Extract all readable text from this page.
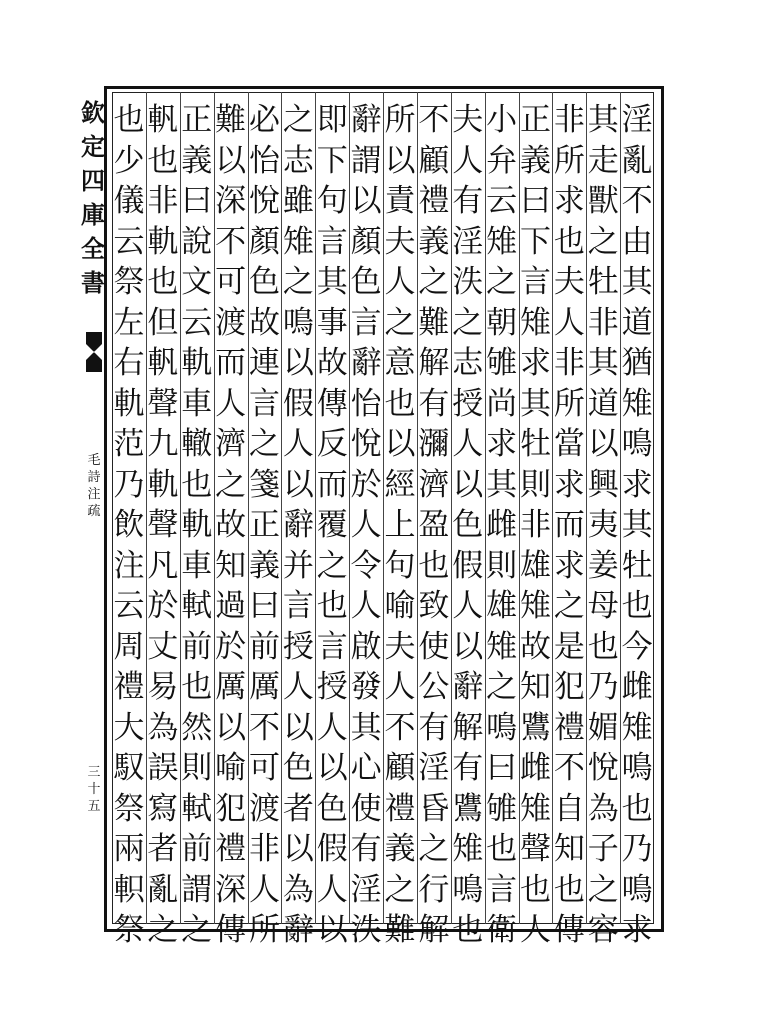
欽
定
四
庫
全
書
毛
詩
注
疏
三
十
五
淫
亂
不
由
其
道
猶
雉
鳴
求
其
牡
也
今
雌
雉
鳴
也
乃
鳴
求
其
走
獸
之
牡
非
其
道
以
興
夷
姜
母
也
乃
媚
悅
為
子
之
容
非
所
求
也
夫
人
非
所
當
求
而
求
之
是
犯
禮
不
自
知
也
傳
正
義
曰
下
言
雉
求
其
牡
則
非
雄
雉
故
知
鷕
雌
雉
聲
也
人
小
弁
云
雉
之
朝
雊
尚
求
其
雌
則
雄
雉
之
鳴
曰
雊
也
言
衛
夫
人
有
淫
泆
之
志
授
人
以
色
假
人
以
辭
解
有
鷕
雉
鳴
也
不
顧
禮
義
之
難
解
有
瀰
濟
盈
也
致
使
公
有
淫
昏
之
行
解
所
以
責
夫
人
之
意
也
以
經
上
句
喻
夫
人
不
顧
禮
義
之
難
辭
謂
以
顏
色
言
辭
怡
悅
於
人
令
人
啟
發
其
心
使
有
淫
泆
即
下
句
言
其
事
故
傳
反
而
覆
之
也
言
授
人
以
色
假
人
以
之
志
雖
雉
之
鳴
以
假
人
以
辭
并
言
授
人
以
色
者
以
為
辭
必
怡
悅
顏
色
故
連
言
之
箋
正
義
曰
前
厲
不
可
渡
非
人
所
難
以
深
不
可
渡
而
人
濟
之
故
知
過
於
厲
以
喻
犯
禮
深
傳
正
義
曰
說
文
云
軌
車
轍
也
軌
車
軾
前
也
然
則
軾
前
謂
之
軓
也
非
軌
也
但
軓
聲
九
軌
聲
凡
於
丈
易
為
誤
寫
者
亂
之
也
少
儀
云
祭
左
右
軌
范
乃
飲
注
云
周
禮
大
馭
祭
兩
軹
祭
